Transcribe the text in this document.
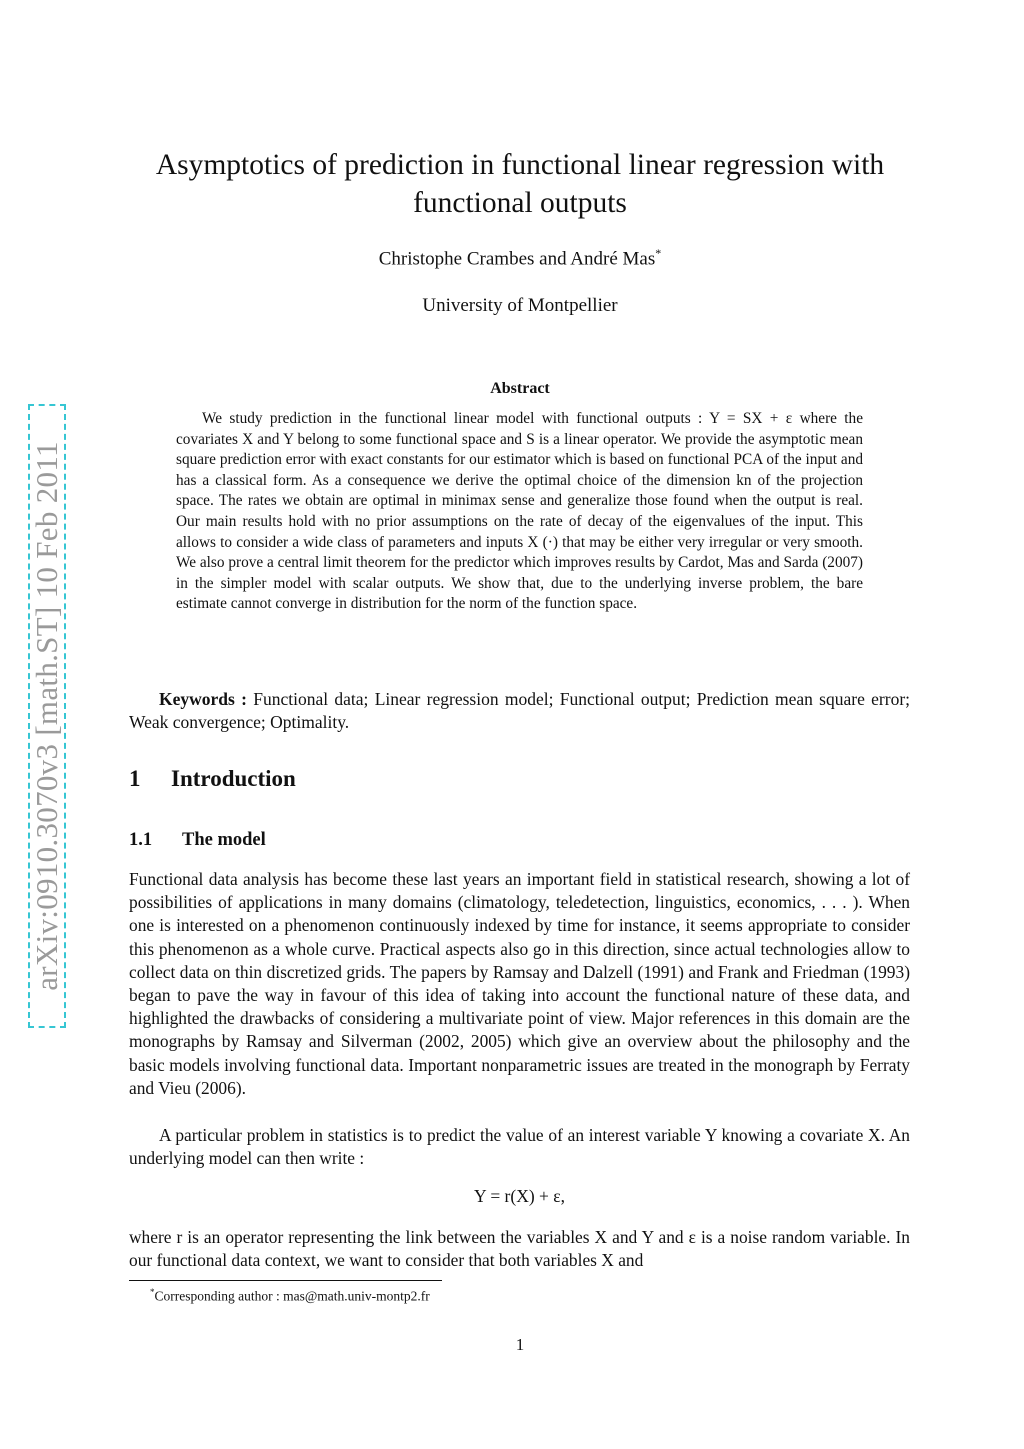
arXiv:0910.3070v3 [math.ST] 10 Feb 2011
Asymptotics of prediction in functional linear regression with functional outputs
Christophe Crambes and André Mas*
University of Montpellier
Abstract

We study prediction in the functional linear model with functional outputs : Y = SX + ε where the covariates X and Y belong to some functional space and S is a linear operator. We provide the asymptotic mean square prediction error with exact constants for our estimator which is based on functional PCA of the input and has a classical form. As a consequence we derive the optimal choice of the dimension kn of the projection space. The rates we obtain are optimal in minimax sense and generalize those found when the output is real. Our main results hold with no prior assumptions on the rate of decay of the eigenvalues of the input. This allows to consider a wide class of parameters and inputs X (·) that may be either very irregular or very smooth. We also prove a central limit theorem for the predictor which improves results by Cardot, Mas and Sarda (2007) in the simpler model with scalar outputs. We show that, due to the underlying inverse problem, the bare estimate cannot converge in distribution for the norm of the function space.

Keywords : Functional data; Linear regression model; Functional output; Prediction mean square error; Weak convergence; Optimality.

1 Introduction
1.1 The model

Functional data analysis has become these last years an important field in statistical research, showing a lot of possibilities of applications in many domains (climatology, teledetection, linguistics, economics, . . . ). When one is interested on a phenomenon continuously indexed by time for instance, it seems appropriate to consider this phenomenon as a whole curve. Practical aspects also go in this direction, since actual technologies allow to collect data on thin discretized grids. The papers by Ramsay and Dalzell (1991) and Frank and Friedman (1993) began to pave the way in favour of this idea of taking into account the functional nature of these data, and highlighted the drawbacks of considering a multivariate point of view. Major references in this domain are the monographs by Ramsay and Silverman (2002, 2005) which give an overview about the philosophy and the basic models involving functional data. Important nonparametric issues are treated in the monograph by Ferraty and Vieu (2006).

A particular problem in statistics is to predict the value of an interest variable Y knowing a covariate X. An underlying model can then write :

Y = r(X) + ε,

where r is an operator representing the link between the variables X and Y and ε is a noise random variable. In our functional data context, we want to consider that both variables X and

*Corresponding author : mas@math.univ-montp2.fr
1
